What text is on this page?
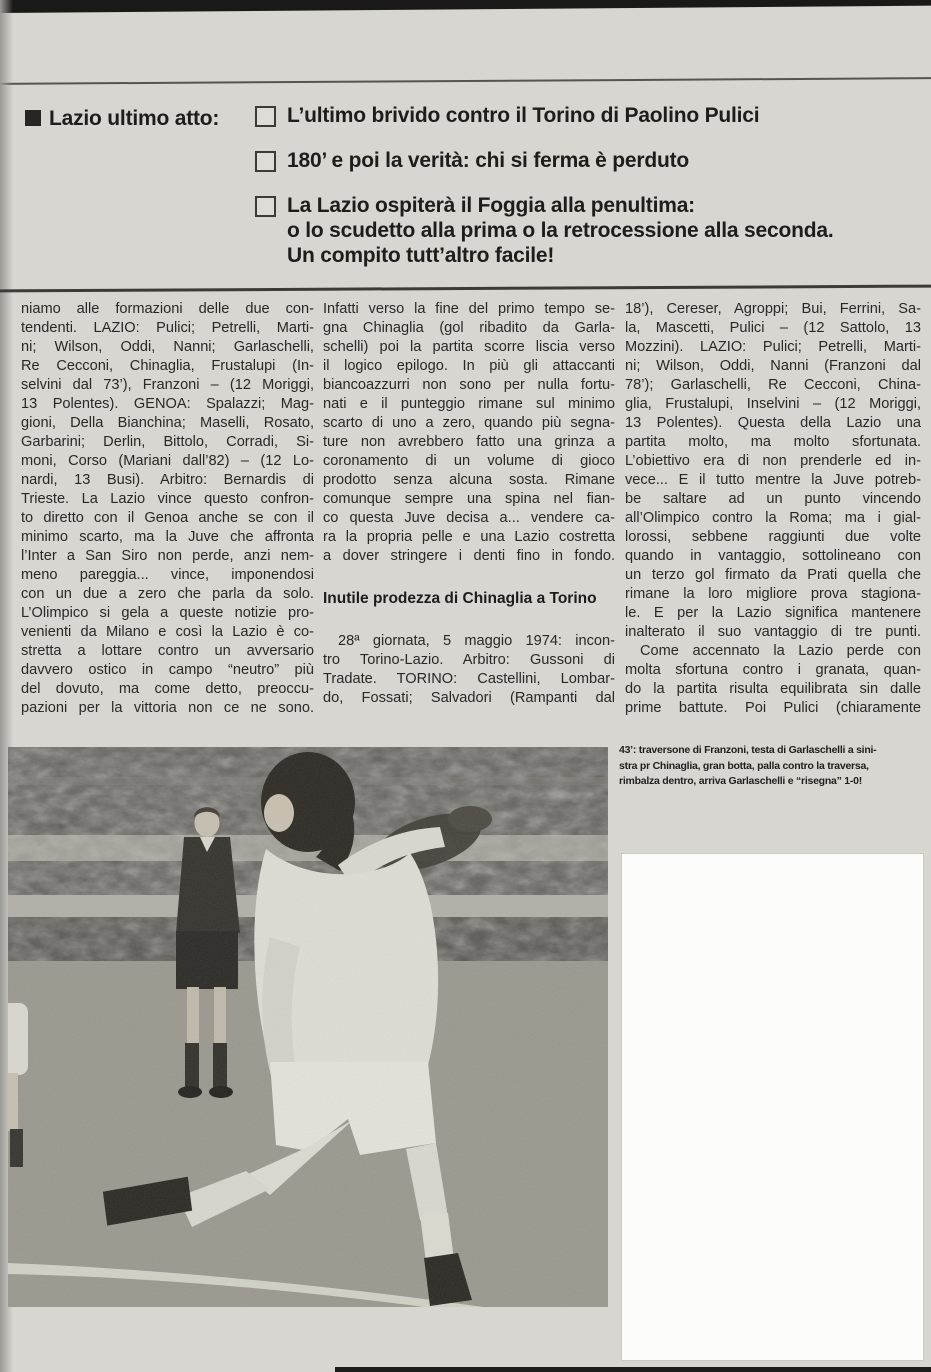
Lazio ultimo atto:	L’ultimo brivido contro il Torino di Paolino Pulici
180’ e poi la verità: chi si ferma è perduto
La Lazio ospiterà il Foggia alla penultima:
o lo scudetto alla prima o la retrocessione alla seconda.
Un compito tutt’altro facile!
niamo alle formazioni delle due con-
tendenti. LAZIO: Pulici; Petrelli, Marti-
ni; Wilson, Oddi, Nanni; Garlaschelli,
Re Cecconi, Chinaglia, Frustalupi (In-
selvini dal 73’), Franzoni – (12 Moriggi,
13 Polentes). GENOA: Spalazzi; Mag-
gioni, Della Bianchina; Maselli, Rosato,
Garbarini; Derlin, Bittolo, Corradi, Si-
moni, Corso (Mariani dall’82) – (12 Lo-
nardi, 13 Busi). Arbitro: Bernardis di
Trieste. La Lazio vince questo confron-
to diretto con il Genoa anche se con il
minimo scarto, ma la Juve che affronta
l’Inter a San Siro non perde, anzi nem-
meno pareggia... vince, imponendosi
con un due a zero che parla da solo.
L’Olimpico si gela a queste notizie pro-
venienti da Milano e così la Lazio è co-
stretta a lottare contro un avversario
davvero ostico in campo “neutro” più
del dovuto, ma come detto, preoccu-
pazioni per la vittoria non ce ne sono.
Infatti verso la fine del primo tempo se-
gna Chinaglia (gol ribadito da Garla-
schelli) poi la partita scorre liscia verso
il logico epilogo. In più gli attaccanti
biancoazzurri non sono per nulla fortu-
nati e il punteggio rimane sul minimo
scarto di uno a zero, quando più segna-
ture non avrebbero fatto una grinza a
coronamento di un volume di gioco
prodotto senza alcuna sosta. Rimane
comunque sempre una spina nel fian-
co questa Juve decisa a... vendere ca-
ra la propria pelle e una Lazio costretta
a dover stringere i denti fino in fondo.
Inutile prodezza di Chinaglia a Torino
28ª giornata, 5 maggio 1974: incon-
tro Torino-Lazio. Arbitro: Gussoni di
Tradate. TORINO: Castellini, Lombar-
do, Fossati; Salvadori (Rampanti dal
18’), Cereser, Agroppi; Bui, Ferrini, Sa-
la, Mascetti, Pulici – (12 Sattolo, 13
Mozzini). LAZIO: Pulici; Petrelli, Marti-
ni; Wilson, Oddi, Nanni (Franzoni dal
78’); Garlaschelli, Re Cecconi, China-
glia, Frustalupi, Inselvini – (12 Moriggi,
13 Polentes). Questa della Lazio una
partita molto, ma molto sfortunata.
L’obiettivo era di non prenderle ed in-
vece... E il tutto mentre la Juve potreb-
be saltare ad un punto vincendo
all’Olimpico contro la Roma; ma i gial-
lorossi, sebbene raggiunti due volte
quando in vantaggio, sottolineano con
un terzo gol firmato da Prati quella che
rimane la loro migliore prova stagiona-
le. E per la Lazio significa mantenere
inalterato il suo vantaggio di tre punti.
Come accennato la Lazio perde con
molta sfortuna contro i granata, quan-
do la partita risulta equilibrata sin dalle
prime battute. Poi Pulici (chiaramente
43’: traversone di Franzoni, testa di Garlaschelli a sini-
stra pr Chinaglia, gran botta, palla contro la traversa,
rimbalza dentro, arriva Garlaschelli e “risegna” 1-0!
